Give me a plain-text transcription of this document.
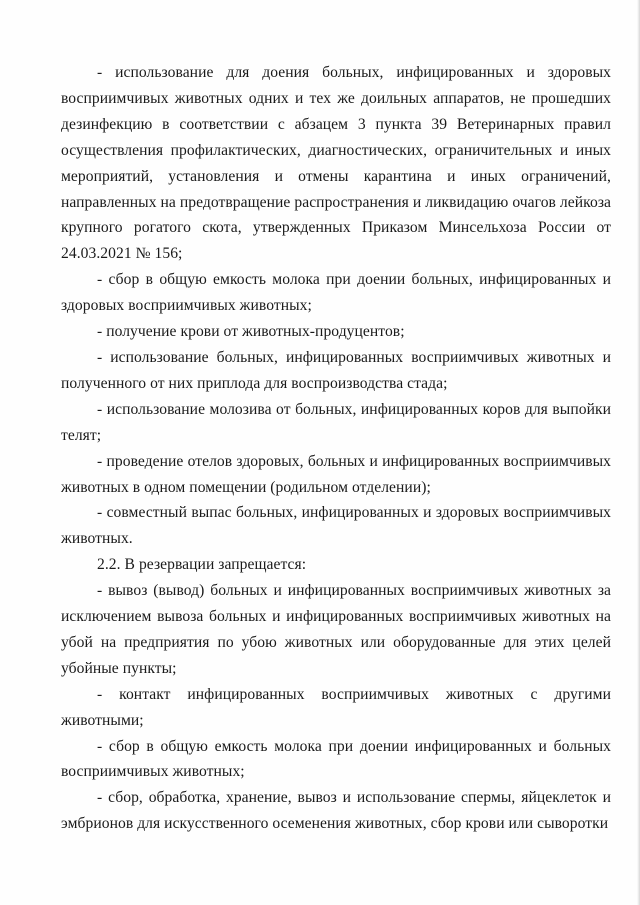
- использование для доения больных, инфицированных и здоровых восприимчивых животных одних и тех же доильных аппаратов, не прошедших дезинфекцию в соответствии с абзацем 3 пункта 39 Ветеринарных правил осуществления профилактических, диагностических, ограничительных и иных мероприятий, установления и отмены карантина и иных ограничений, направленных на предотвращение распространения и ликвидацию очагов лейкоза крупного рогатого скота, утвержденных Приказом Минсельхоза России от 24.03.2021 № 156;

- сбор в общую емкость молока при доении больных, инфицированных и здоровых восприимчивых животных;

- получение крови от животных-продуцентов;

- использование больных, инфицированных восприимчивых животных и полученного от них приплода для воспроизводства стада;

- использование молозива от больных, инфицированных коров для выпойки телят;

- проведение отелов здоровых, больных и инфицированных восприимчивых животных в одном помещении (родильном отделении);

- совместный выпас больных, инфицированных и здоровых восприимчивых животных.

2.2. В резервации запрещается:

- вывоз (вывод) больных и инфицированных восприимчивых животных за исключением вывоза больных и инфицированных восприимчивых животных на убой на предприятия по убою животных или оборудованные для этих целей убойные пункты;

- контакт инфицированных восприимчивых животных с другими животными;

- сбор в общую емкость молока при доении инфицированных и больных восприимчивых животных;

- сбор, обработка, хранение, вывоз и использование спермы, яйцеклеток и эмбрионов для искусственного осеменения животных, сбор крови или сыворотки
